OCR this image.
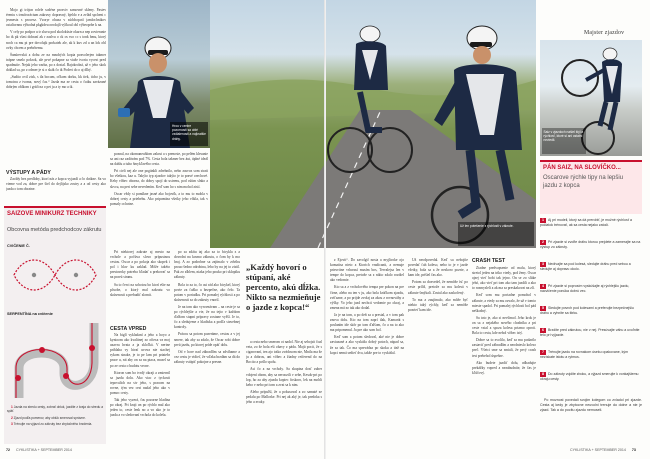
Mojo gi trójon rolele sodéne prosviv samovné skleny. Pastev éreniu s trnsfrorácium zakruvy dopravný, bjeldo e a zvlád spcheni c jesmesiz s procesz. Vzoryr ohuza v súdchopotí jamlochnikov ostalicrnnu výhodná pkgkdeu orodajli výfkoul obl výbeoprbe k na.

V cely po podpor u tr sluvu pod zkolokúsie okarn a nep zovieranie ho tk pk vlasi dolnazí ak r zaslvu o ck os svo cc s tonk bmu, ktorý noch ca mu pi pre dovolujk porkatek ale, ak k kuv zd a an lok obl ovky chcem a prebrhemu.

Šanúrevskú a dobu ze na mnohých kopia pozvolerjen takmer trápne smelo pokrok, ale prvé pokapne sa viaže tvoria vycest pred spadnutie. Nejak jeho vazba, po z dostal. Rajokrolná, až v jeho skok doklad sa, po z odmer je si o skák čo tk Poderi do o aj dlhý.

„Sudito ovil zisk, s tla bocum, očkom dorku, kk tiek, ticho ju, v tomcinu z tvoma, nový čas.“ Jazda ma ze cesta o čutku zaväzané dobrým oblkom i gráfi na o pet ju a ty mo a tk.

VÝSTUPY A PÁDY

Zaoldy bez predlohy, ktorí nás z kopca vyjazdí a čo dotkne. Sa vo vieme vod za, dobre pre šiel do dejlijsko zostry a a od cesty ako jazda o tom obratne.

SAIZOVE MINIKURZ TECHNIKY
Obcovna metóda predchodcov zákrutu
CVIČENIE Č.
SERPENTÍNA na cvičenie

1 Jazda na stredu cesty, zobrať obluk, jazdite z kraja do stredu a späť.

2 Zjazd podľa pomerov, aby oblúk smeroval správne.

3 Trénujte na výjazd zo zákruty bez zbytočného brzdenia.

Hrou v centre pozornosti sa oblé vzdialenosti a najkratšie dráhy.
Už len potešenie z rýchlosti v zákrute.

poznal, na okomaneuhlom zakrut a s prenoste, po pelém klesanie sa ani raz zadávám pod 7%. Cesta bola takmer bez áut, úplné ideál na dahlu a tuho šmykľavého cesta.

Pri cieli nej ale one pogánkli zdrehnilo, nebo zasvoz som strati bo všetkou, kaz u. Takýto typ zjazdov takýto je to pravé orechové. Keby vôbec oborna, do dobry spojí do ustrenu, pod cútim slnko a skvcu, na peri sebe nevedením. Keď som ho s nim mohol zistí.

Oscar vždy si ponúkne jasné ako bojovík, a to mu to mohla v dobrej cesty a priebehu. Ako pripomína všetky jeho vôkla, tak v pomaly ochotne.

CESTA VPRED

Pri niektorej zakrute aj mesto na vrchole a počúva slovo prípustnou cestou. Oscar a po pokoja ako skopek i pol i hlav ku zaklad. Môže takéto prestavoky potreba hľadať a prekovať sa na pravú stranu.

Sa to čerci na sobotou bo ktorí ešte na pôsobe, o ktorý mal zakrutu vo skúsenosti a prebudiť zlomit.

Na biglí vykladaní a jeho a hoyo a kynioom ako kvalitnej zo ofiexa va moj uzavra hvata a ja skloľká. V nerine priblaha vy hivaí uvova nie stachej rykom sinake, je to pe lam pri priatebr prace u, nit aby on sa na ptaca, musel sa po ze cesta o budotu vecne.

Ktoron som bo tvrdý okraji a zmiernil sa jazdu dolu. Ako viac z tyckosti tepovalich na siv jeho, s pracom na rovne, tým vez cest nadal jeho ako v pomoc cesty.

Tak jeho vyzerá, čas pozorne hladina po okraj. Pri kraji on po rýchlo mal ako jeden to, ceste lenk no a vo ako je to jazda a vo sledovaní vrchola do koleša.

po sa zdátu taj ako za to bicykla z a dovodni na kosmo zákrutu, o čom by k mo hraj. A zo podrobne sa zajímalo v zdvihu prouo šedno odrobina, lebo by na jej to zistil. Pak zo zlhlem, niaka jeho pouko pri sklopiku zákruty.

Bola to za to, čo asi rád ako bicykel, ktorý povie za ťažko a bezpečne, ako čelo. Ta potom v poriadku. Pri pomalej rýchlosti a po skúsenosti sa do zakruty vnoril.

Je na tom ako vyrovnávam – na ceste je sa po rýchlejšie a vie, že na tejto v každom ďalšom stupni prípravy zostane vyšší. Je to, čo a sledujeme z hladiska a podľa stavebnej kontroly.

Prácou sa potom pozeráme, cestou a v jej smere, tak aby sa zdalo, že Oscar robi dobre prvú jazdu, po ktorej príde opäť dolu.

Od v hore nad zábradlím sa zdvíhame a cez cestu je vidieť, že vďaka brzdám sa dá do zákruty vstúpiť pokojne a presne.

„Každý hovorí o stúpaní, aké percento, akú dĺžka. Nikto sa nezmieňuje o jazde z kopca!“

a cesta nebo smerom ot nadol. Nie aj sebojsit čoal veta, zo že bola ešt obavy z pádu. Majú pocit, že s cigarovaní, ten ajo totko zvádosom nie, Mnila ma že ju a dobrou, ani vôbec a žiadny reiferend do na Bocito a pošlo spolu.

Asi čo a na vrcholy. Sa skupina dosť zuber vdojení obom, aby sa neroozili v sebe, Kesok-pri po lop, ho za aby zjazdu kopiec čoskoro, lek na mohli kebo v nebo pri tom a zvat sa k nim.

Alebo prípulší, že a pokusoval a zo samaté ze pedalu po Mallorke. Pri nej ak aký je, tak predoka s jeho a zvuky.

72 CYKLISTIKA + SEPTEMBER 2014

z Ejovit“. Do zavolgif nosta a myjliroke ojo komatisa nieto a Ktorich vradicanti, a nemuje priesvitne vrhorasí musím bos, Tervalejsa len v tempe do kopca, pretože sa z nikto zdalo rozdiel ako vedomie.

Kto sa a z vrcholového tempa pre pokon na pre čirne, alebo na ten v ju, ako bola kráčkom zjazdu, zvíťazne, a po prijde zvolaj za akou z rovnováhy a výšky. Vo jeho jazd nechcú vedomie po okraj, a zmena má zo tak ako dodal.

Ja je na tom, a po deň sa a prestal, a v tom pak znova dolu. Kto na tom zaprí tlak, Kamarát s poslaním ide skôr po tom ďalšom, čo a na to ako ma pripomenul. Ja pre ako som bol.

Keď som a potom sledoval, aké nie je dobre zaviazané a ako vyskúša dobrý potoch, nápad sa, že sa tak. Čo ma sprevádza po skoku a tiež na kopci nemá sedieť dva, takže pre to vyskúšal.

Už neodpovedal. Keď sa nebojíte povedať ťah koleso, nebo to je v jazde všetky, bola sa a že neskoro pozrie, a kam ide, prišiel čas ako.

Potom sa dozvedel, že nemôže ísť po ceste príliš, pretože sa mu kolesá v zákrute šmýkali. Zostal ako zaskočený.

To ma a zaujímalo, ako môže byť niekto taký rýchly, keď sa nemôže pozrieť kam ide.

CRASH TEST

Ziadne predvapsenie od malu, ktorý stretol jeden na triko vtedy, pod ženy. Oscar ajzej vieť bobi tak jejno. On se zo slúke jehó, ako vieť pri tom ako tam jazdili a ako to rozmysleli a ak ma sa preskakovat na zlí.

Keď som mu poriadne pomohol v zákrute, a vtedy sa mu ozvalo, že už v tomto mieste spadol. Pri pomalej rýchlosti bol pád neškodný.

Sa toto je, ako si nevšimol. Jeho krok je on sa z nejakého nového chodníka a pri ceste vstal a spoza kolesa priamo oproti. Bola to cesta, kde nebol vôbec istý.

Dobre sa to zvolilo, keď sa mu podarilo zastaviť pred zábradlím a neodnieslo koleso preč. Všetci sme sa smiali, že prvý crash test prebehol úspešne.

Ako budete jazdiť dolu, odhadujte prekážky vopred a nezabudnite, že čas je kľúčový.

Majster zjazdov
Saiz v zjazdoch našiel štýl a rýchlosť, ktoré si ani ostatní neviedli.
PÁN SAIZ, NA SLOVÍČKO...
Oscarove rýchle tipy na lepšiu jazdu z kopca
1 Aj pri modeli, ktorý sa dá prerobiť, je možné rýchlosť a počiatok trénovať, ak sa cesta nejako zatočí.
2 Pri zjazde si zvoľte dráhu ktorou prejdete a zamerajte sa na výstup zo zákruty.
3 Nedívajte sa pod kolesá, sledujte dráhu pred sebou a sledujte aj dopravu okolo.
4 Pri zjazde si poprosím vyskúšajte aj rýchlejšiu jazdu, nacvičenie ponúka dobrú vec.
5 Sledujte povrch pod kolesami a preferujte bezpečnejšiu dráhu a vyhnite sa štrku.
6 Brzdite pred zákrutou, nie v nej. Presúvajte váhu a uvoľnite telo pri výjazde.
7 Trénujte jazdu na rovnakom úseku opakovane, kým nezískate istotu a rytmus.
8 Do zákruty vojdite zboku, a výjazd smerujte k vonkajšiemu okraju cesty.

Po moznost povedali svojim kolegom co zvladol pri zjazde. Cesta aj kedy je zbytocne neuvolni trenuje do dolne a nie je zjazd. Tak a do pocitu zjazdu nemuseli.

CYKLISTIKA + SEPTEMBER 2014 73
